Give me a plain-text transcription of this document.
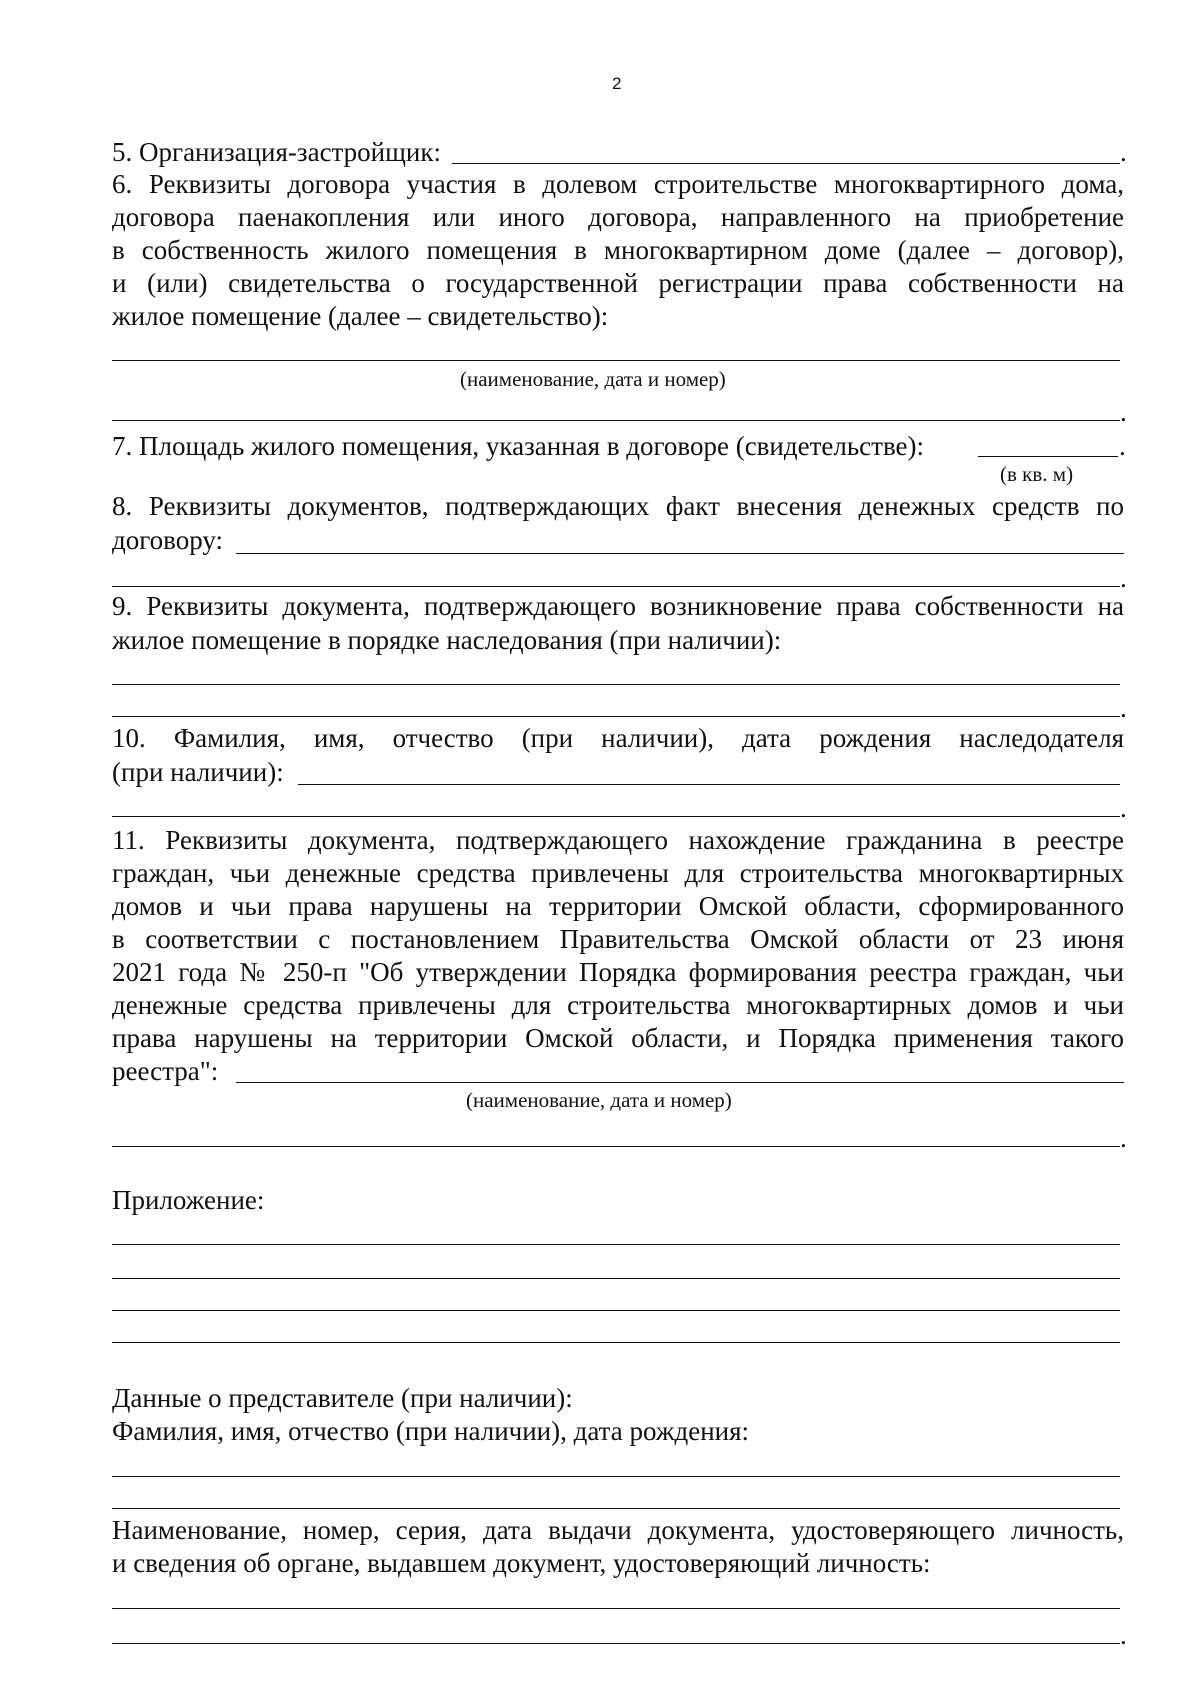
2
5. Организация-застройщик:	.
6. Реквизиты договора участия в долевом строительстве многоквартирного дома,
договора паенакопления или иного договора, направленного на приобретение
в собственность жилого помещения в многоквартирном доме (далее – договор),
и (или) свидетельства о государственной регистрации права собственности на
жилое помещение (далее – свидетельство):
(наименование, дата и номер)
.
7. Площадь жилого помещения, указанная в договоре (свидетельстве):	.
(в кв. м)
8. Реквизиты документов, подтверждающих факт внесения денежных средств по
договору:
.
9. Реквизиты документа, подтверждающего возникновение права собственности на
жилое помещение в порядке наследования (при наличии):
.
10. Фамилия, имя, отчество (при наличии), дата рождения наследодателя
(при наличии):
.
11. Реквизиты документа, подтверждающего нахождение гражданина в реестре
граждан, чьи денежные средства привлечены для строительства многоквартирных
домов и чьи права нарушены на территории Омской области, сформированного
в соответствии с постановлением Правительства Омской области от 23 июня
2021 года № 250-п "Об утверждении Порядка формирования реестра граждан, чьи
денежные средства привлечены для строительства многоквартирных домов и чьи
права нарушены на территории Омской области, и Порядка применения такого
реестра":
(наименование, дата и номер)
.
Приложение:
Данные о представителе (при наличии):
Фамилия, имя, отчество (при наличии), дата рождения:
Наименование, номер, серия, дата выдачи документа, удостоверяющего личность,
и сведения об органе, выдавшем документ, удостоверяющий личность:
.
